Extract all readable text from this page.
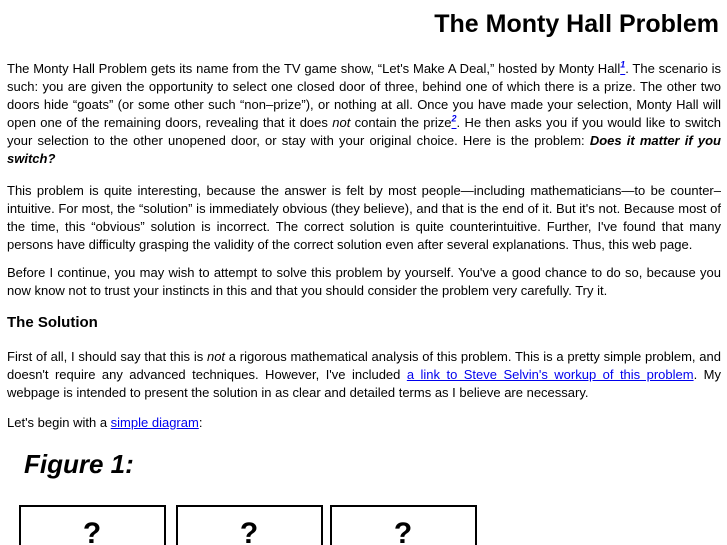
The Monty Hall Problem

The Monty Hall Problem gets its name from the TV game show, “Let's Make A Deal,” hosted by Monty Hall$^1$. The scenario is such: you are given the opportunity to select one closed door of three, behind one of which there is a prize. The other two doors hide “goats” (or some other such “non–prize”), or nothing at all. Once you have made your selection, Monty Hall will open one of the remaining doors, revealing that it does not contain the prize$^2$. He then asks you if you would like to switch your selection to the other unopened door, or stay with your original choice. Here is the problem: Does it matter if you switch?

This problem is quite interesting, because the answer is felt by most people—including mathematicians—to be counter–intuitive. For most, the “solution” is immediately obvious (they believe), and that is the end of it. But it's not. Because most of the time, this “obvious” solution is incorrect. The correct solution is quite counterintuitive. Further, I've found that many persons have difficulty grasping the validity of the correct solution even after several explanations. Thus, this web page.

Before I continue, you may wish to attempt to solve this problem by yourself. You've a good chance to do so, because you now know not to trust your instincts in this and that you should consider the problem very carefully. Try it.

The Solution

First of all, I should say that this is not a rigorous mathematical analysis of this problem. This is a pretty simple problem, and doesn't require any advanced techniques. However, I've included a link to Steve Selvin's workup of this problem. My webpage is intended to present the solution in as clear and detailed terms as I believe are necessary.

Let's begin with a simple diagram:

Figure 1:
?	?	?
